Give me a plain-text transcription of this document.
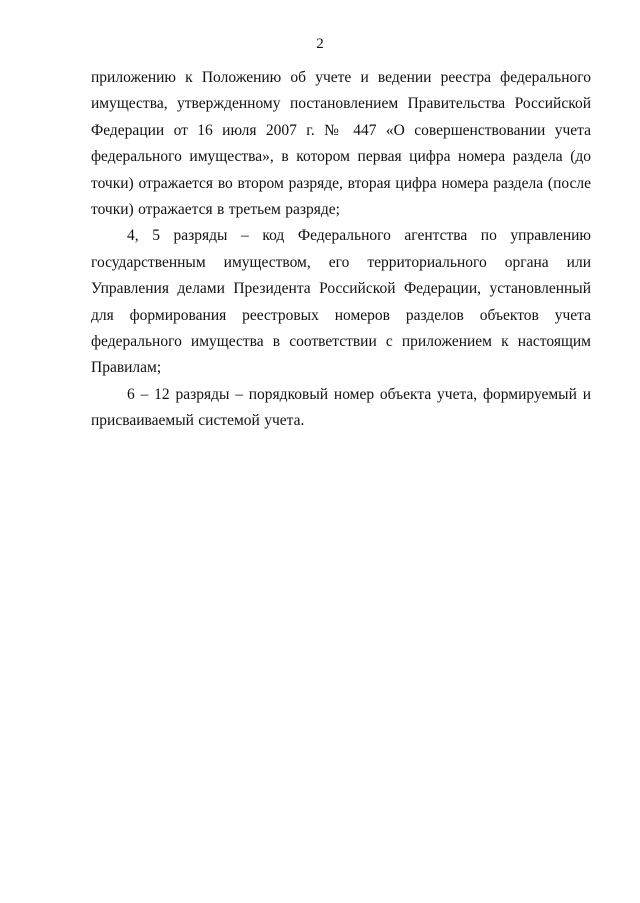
2

приложению к Положению об учете и ведении реестра федерального имущества, утвержденному постановлением Правительства Российской Федерации от 16 июля 2007 г. № 447 «О совершенствовании учета федерального имущества», в котором первая цифра номера раздела (до точки) отражается во втором разряде, вторая цифра номера раздела (после точки) отражается в третьем разряде;

4, 5 разряды – код Федерального агентства по управлению государственным имуществом, его территориального органа или Управления делами Президента Российской Федерации, установленный для формирования реестровых номеров разделов объектов учета федерального имущества в соответствии с приложением к настоящим Правилам;

6 – 12 разряды – порядковый номер объекта учета, формируемый и присваиваемый системой учета.
